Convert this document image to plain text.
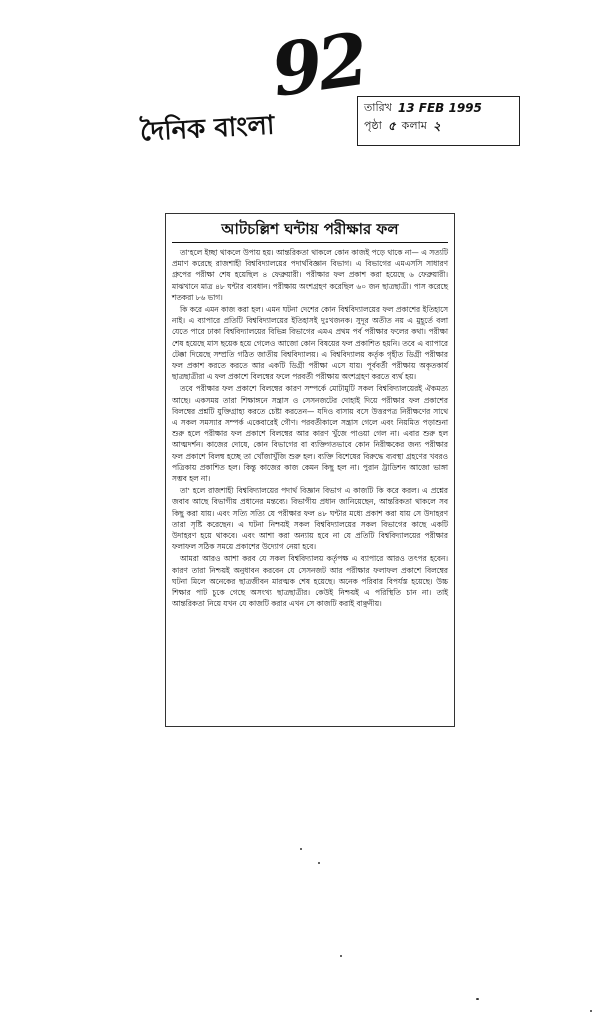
92
দৈনিক বাংলা
তারিখ 13 FEB 1995
পৃষ্ঠা ৫ কলাম ২
আটচল্লিশ ঘন্টায় পরীক্ষার ফল

তা'হলে ইচ্ছা থাকলে উপায় হয়। আন্তরিকতা থাকলে কোন কাজই পড়ে থাকে না— এ সত্যটি প্রমাণ করেছে রাজশাহী বিশ্ববিদ্যালয়ের পদার্থবিজ্ঞান বিভাগ। এ বিভাগের এমএসসি সাধারণ গ্রুপের পরীক্ষা শেষ হয়েছিল ৪ ফেব্রুয়ারী। পরীক্ষার ফল প্রকাশ করা হয়েছে ৬ ফেব্রুয়ারী। মাঝখানে মাত্র ৪৮ ঘন্টার ব্যবধান। পরীক্ষায় অংশগ্রহণ করেছিল ৬০ জন ছাত্রছাত্রী। পাস করেছে শতকরা ৮৬ ভাগ।

কি করে এমন কাজ করা হল। এমন ঘটনা দেশের কোন বিশ্ববিদ্যালয়ের ফল প্রকাশের ইতিহাসে নাই। এ ব্যাপারে প্রতিটি বিশ্ববিদ্যালয়ের ইতিহাসই দুঃখজনক। সুদূর অতীত নয় এ মুহূর্তে বলা যেতে পারে ঢাকা বিশ্ববিদ্যালয়ের বিভিন্ন বিভাগের এমএ প্রথম পর্ব পরীক্ষার ফলের কথা। পরীক্ষা শেষ হয়েছে মাস ছয়েক হয়ে গেলেও আজো কোন বিষয়ের ফল প্রকাশিত হয়নি। তবে এ ব্যাপারে টেক্কা দিয়েছে সম্প্রতি গঠিত জাতীয় বিশ্ববিদ্যালয়। এ বিশ্ববিদ্যালয় কর্তৃক গৃহীত ডিগ্রী পরীক্ষার ফল প্রকাশ করতে করতে আর একটি ডিগ্রী পরীক্ষা এসে যায়। পূর্ববর্তী পরীক্ষায় অকৃতকার্য ছাত্রছাত্রীরা এ ফল প্রকাশে বিলম্বের ফলে পরবর্তী পরীক্ষায় অংশগ্রহণ করতে ব্যর্থ হয়।

তবে পরীক্ষার ফল প্রকাশে বিলম্বের কারণ সম্পর্কে মোটামুটি সকল বিশ্ববিদ্যালয়েরই ঐকমত্য আছে। একসময় তারা শিক্ষাঙ্গনে সন্ত্রাস ও সেসনজটের দোহাই দিয়ে পরীক্ষার ফল প্রকাশের বিলম্বের প্রশ্নটি যুক্তিগ্রাহ্য করতে চেষ্টা করতেন— যদিও বাসায় বসে উত্তরপত্র নিরীক্ষণের সাথে এ সকল সমস্যার সম্পর্ক একেবারেই গৌণ। পরবর্তীকালে সন্ত্রাস গেলে এবং নিয়মিত পড়াশুনা শুরু হলে পরীক্ষার ফল প্রকাশে বিলম্বের আর কারণ খুঁজে পাওয়া গেল না। এবার শুরু হল আত্মদর্শন। কাজের দোষে, কোন বিভাগের বা ব্যক্তিগতভাবে কোন নিরীক্ষকের জন্য পরীক্ষার ফল প্রকাশে বিলম্ব হচ্ছে তা খোঁজাখুঁজি শুরু হল। ব্যক্তি বিশেষের বিরুদ্ধে ব্যবস্থা গ্রহণের খবরও পত্রিকায় প্রকাশিত হল। কিন্তু কাজের কাজ কেমন কিছু হল না। পুরান ট্রাডিশন আজো ভাঙ্গা সম্ভব হল না।

তা' হলে রাজশাহী বিশ্ববিদ্যালয়ের পদার্থ বিজ্ঞান বিভাগ এ কাজটি কি করে করল। এ প্রশ্নের জবাব আছে বিভাগীয় প্রধানের মন্তব্যে। বিভাগীয় প্রধান জানিয়েছেন, আন্তরিকতা থাকলে সব কিছু করা যায়। এবং সত্যি সত্যি যে পরীক্ষার ফল ৪৮ ঘন্টার মধ্যে প্রকাশ করা যায় সে উদাহরণ তারা সৃষ্টি করেছেন। এ ঘটনা নিশ্চয়ই সকল বিশ্ববিদ্যালয়ের সকল বিভাগের কাছে একটি উদাহরণ হয়ে থাকবে। এবং আশা করা অন্যায় হবে না যে প্রতিটি বিশ্ববিদ্যালয়ের পরীক্ষার ফলাফল সঠিক সময়ে প্রকাশের উদ্যোগ নেয়া হবে।

আমরা আরও আশা করব যে সকল বিশ্ববিদ্যালয় কর্তৃপক্ষ এ ব্যাপারে আরও তৎপর হবেন। কারণ তারা নিশ্চয়ই অনুধাবন করবেন যে সেসনজট আর পরীক্ষার ফলাফল প্রকাশে বিলম্বের ঘটনা মিলে অনেকের ছাত্রজীবন মারত্মক শেষ হয়েছে। অনেক পরিবার বিপর্যস্ত হয়েছে। উচ্চ শিক্ষার পাট চুকে গেছে অসংখ্য ছাত্রছাত্রীর। কেউই নিশ্চয়ই এ পরিস্থিতি চান না। তাই আন্তরিকতা নিয়ে যখন যে কাজটি করার এখন সে কাজটি করাই বাঞ্ছনীয়।
